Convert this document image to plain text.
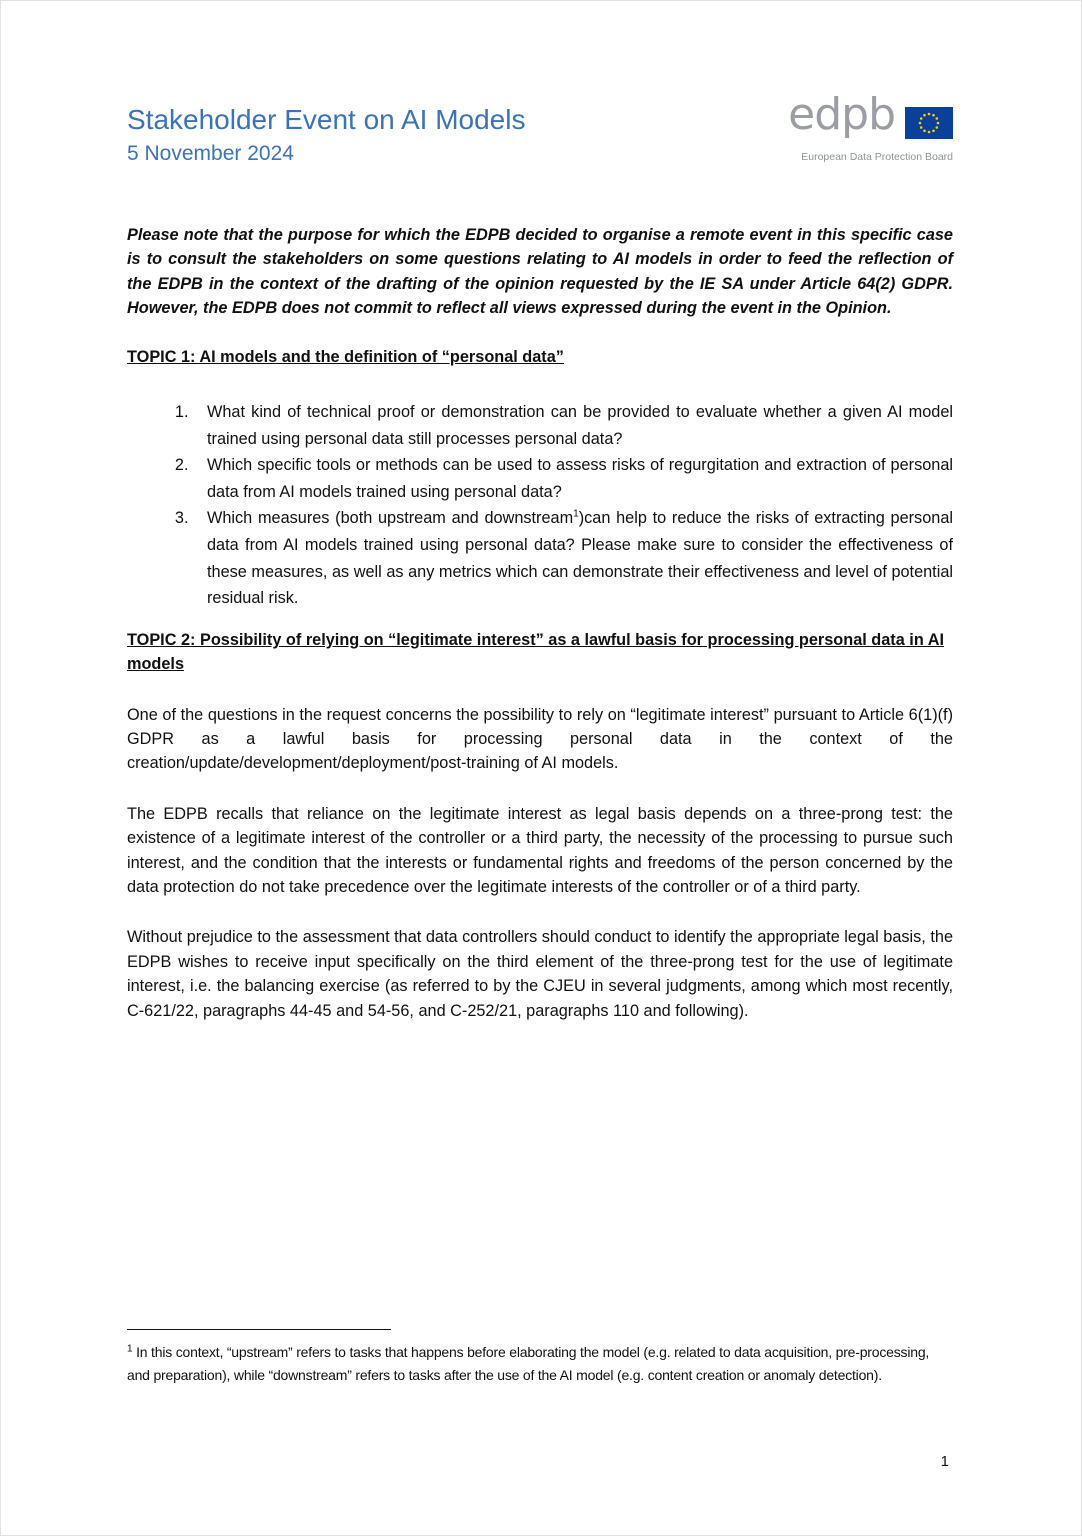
Stakeholder Event on AI Models
5 November 2024
edpb
European Data Protection Board

Please note that the purpose for which the EDPB decided to organise a remote event in this specific case is to consult the stakeholders on some questions relating to AI models in order to feed the reflection of the EDPB in the context of the drafting of the opinion requested by the IE SA under Article 64(2) GDPR. However, the EDPB does not commit to reflect all views expressed during the event in the Opinion.

TOPIC 1: AI models and the definition of “personal data”

1. What kind of technical proof or demonstration can be provided to evaluate whether a given AI model trained using personal data still processes personal data?
2. Which specific tools or methods can be used to assess risks of regurgitation and extraction of personal data from AI models trained using personal data?
3. Which measures (both upstream and downstream$^1$)can help to reduce the risks of extracting personal data from AI models trained using personal data? Please make sure to consider the effectiveness of these measures, as well as any metrics which can demonstrate their effectiveness and level of potential residual risk.

TOPIC 2: Possibility of relying on “legitimate interest” as a lawful basis for processing personal data in AI models

One of the questions in the request concerns the possibility to rely on “legitimate interest” pursuant to Article 6(1)(f) GDPR as a lawful basis for processing personal data in the context of the creation/update/development/deployment/post-training of AI models.

The EDPB recalls that reliance on the legitimate interest as legal basis depends on a three-prong test: the existence of a legitimate interest of the controller or a third party, the necessity of the processing to pursue such interest, and the condition that the interests or fundamental rights and freedoms of the person concerned by the data protection do not take precedence over the legitimate interests of the controller or of a third party.

Without prejudice to the assessment that data controllers should conduct to identify the appropriate legal basis, the EDPB wishes to receive input specifically on the third element of the three-prong test for the use of legitimate interest, i.e. the balancing exercise (as referred to by the CJEU in several judgments, among which most recently, C-621/22, paragraphs 44-45 and 54-56, and C-252/21, paragraphs 110 and following).

$^1$ In this context, “upstream” refers to tasks that happens before elaborating the model (e.g. related to data acquisition, pre-processing, and preparation), while “downstream” refers to tasks after the use of the AI model (e.g. content creation or anomaly detection).

1
